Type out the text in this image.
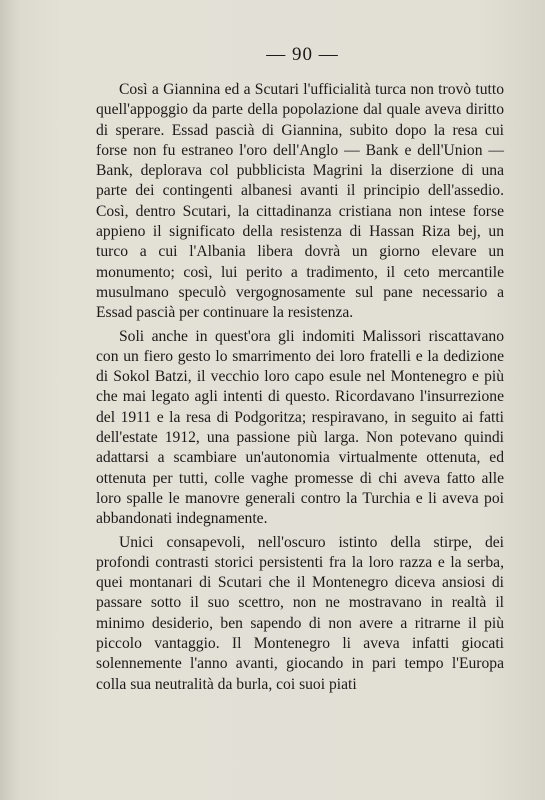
— 90 —

Così a Giannina ed a Scutari l'ufficialità turca non trovò tutto quell'appoggio da parte della popolazione dal quale aveva diritto di sperare. Essad pascià di Giannina, subito dopo la resa cui forse non fu estraneo l'oro dell'Anglo — Bank e dell'Union — Bank, deplorava col pubblicista Magrini la diserzione di una parte dei contingenti albanesi avanti il principio dell'assedio. Così, dentro Scutari, la cittadinanza cristiana non intese forse appieno il significato della resistenza di Hassan Riza bej, un turco a cui l'Albania libera dovrà un giorno elevare un monumento; così, lui perito a tradimento, il ceto mercantile musulmano speculò vergognosamente sul pane necessario a Essad pascià per continuare la resistenza.

Soli anche in quest'ora gli indomiti Malissori riscattavano con un fiero gesto lo smarrimento dei loro fratelli e la dedizione di Sokol Batzi, il vecchio loro capo esule nel Montenegro e più che mai legato agli intenti di questo. Ricordavano l'insurrezione del 1911 e la resa di Podgoritza; respiravano, in seguito ai fatti dell'estate 1912, una passione più larga. Non potevano quindi adattarsi a scambiare un'autonomia virtualmente ottenuta, ed ottenuta per tutti, colle vaghe promesse di chi aveva fatto alle loro spalle le manovre generali contro la Turchia e li aveva poi abbandonati indegnamente.

Unici consapevoli, nell'oscuro istinto della stirpe, dei profondi contrasti storici persistenti fra la loro razza e la serba, quei montanari di Scutari che il Montenegro diceva ansiosi di passare sotto il suo scettro, non ne mostravano in realtà il minimo desiderio, ben sapendo di non avere a ritrarne il più piccolo vantaggio. Il Montenegro li aveva infatti giocati solennemente l'anno avanti, giocando in pari tempo l'Europa colla sua neutralità da burla, coi suoi piati
